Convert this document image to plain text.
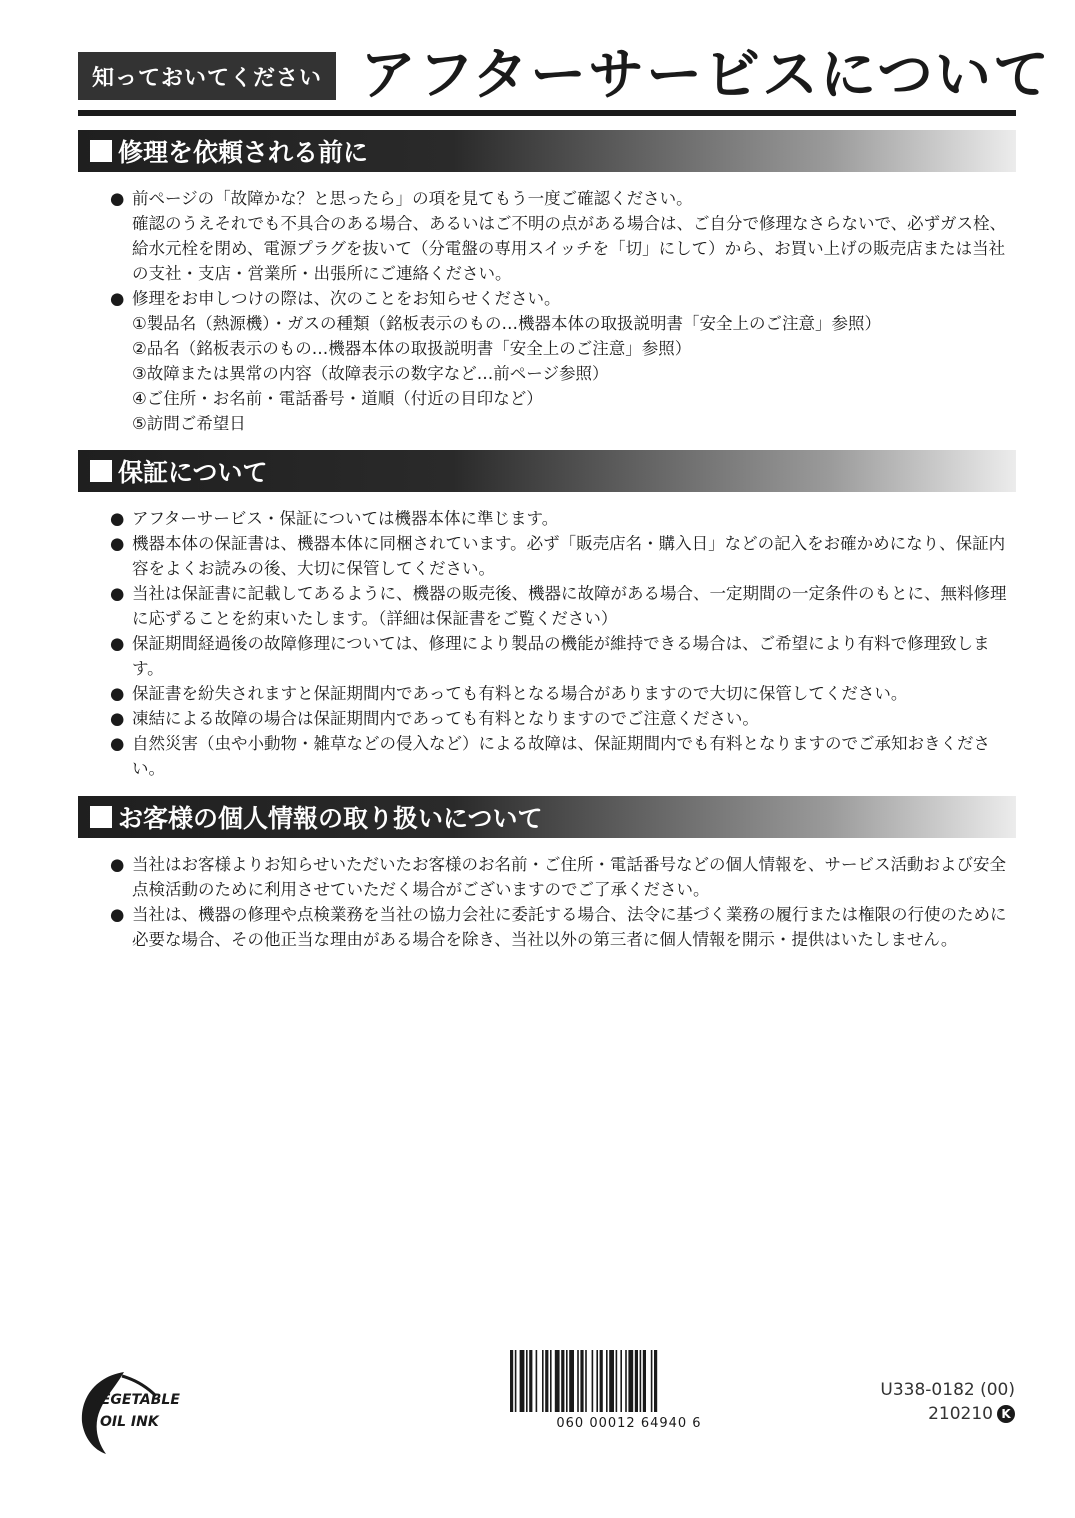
知っておいてください アフターサービスについて
修理を依頼される前に
● 前ページの「故障かな？と思ったら」の項を見てもう一度ご確認ください。
確認のうえそれでも不具合のある場合、あるいはご不明の点がある場合は、ご自分で修理なさらないで、必ずガス栓、給水元栓を閉め、電源プラグを抜いて（分電盤の専用スイッチを「切」にして）から、お買い上げの販売店または当社の支社・支店・営業所・出張所にご連絡ください。
● 修理をお申しつけの際は、次のことをお知らせください。
①製品名（熱源機）・ガスの種類（銘板表示のもの…機器本体の取扱説明書「安全上のご注意」参照）
②品名（銘板表示のもの…機器本体の取扱説明書「安全上のご注意」参照）
③故障または異常の内容（故障表示の数字など…前ページ参照）
④ご住所・お名前・電話番号・道順（付近の目印など）
⑤訪問ご希望日
保証について
● アフターサービス・保証については機器本体に準じます。
● 機器本体の保証書は、機器本体に同梱されています。必ず「販売店名・購入日」などの記入をお確かめになり、保証内容をよくお読みの後、大切に保管してください。
● 当社は保証書に記載してあるように、機器の販売後、機器に故障がある場合、一定期間の一定条件のもとに、無料修理に応ずることを約束いたします。（詳細は保証書をご覧ください）
● 保証期間経過後の故障修理については、修理により製品の機能が維持できる場合は、ご希望により有料で修理致します。
● 保証書を紛失されますと保証期間内であっても有料となる場合がありますので大切に保管してください。
● 凍結による故障の場合は保証期間内であっても有料となりますのでご注意ください。
● 自然災害（虫や小動物・雑草などの侵入など）による故障は、保証期間内でも有料となりますのでご承知おきください。
お客様の個人情報の取り扱いについて
● 当社はお客様よりお知らせいただいたお客様のお名前・ご住所・電話番号などの個人情報を、サービス活動および安全点検活動のために利用させていただく場合がございますのでご了承ください。
● 当社は、機器の修理や点検業務を当社の協力会社に委託する場合、法令に基づく業務の履行または権限の行使のために必要な場合、その他正当な理由がある場合を除き、当社以外の第三者に個人情報を開示・提供はいたしません。
VEGETABLE
OIL INK	060 00012 64940 6
U338-0182 (00)
210210 K
